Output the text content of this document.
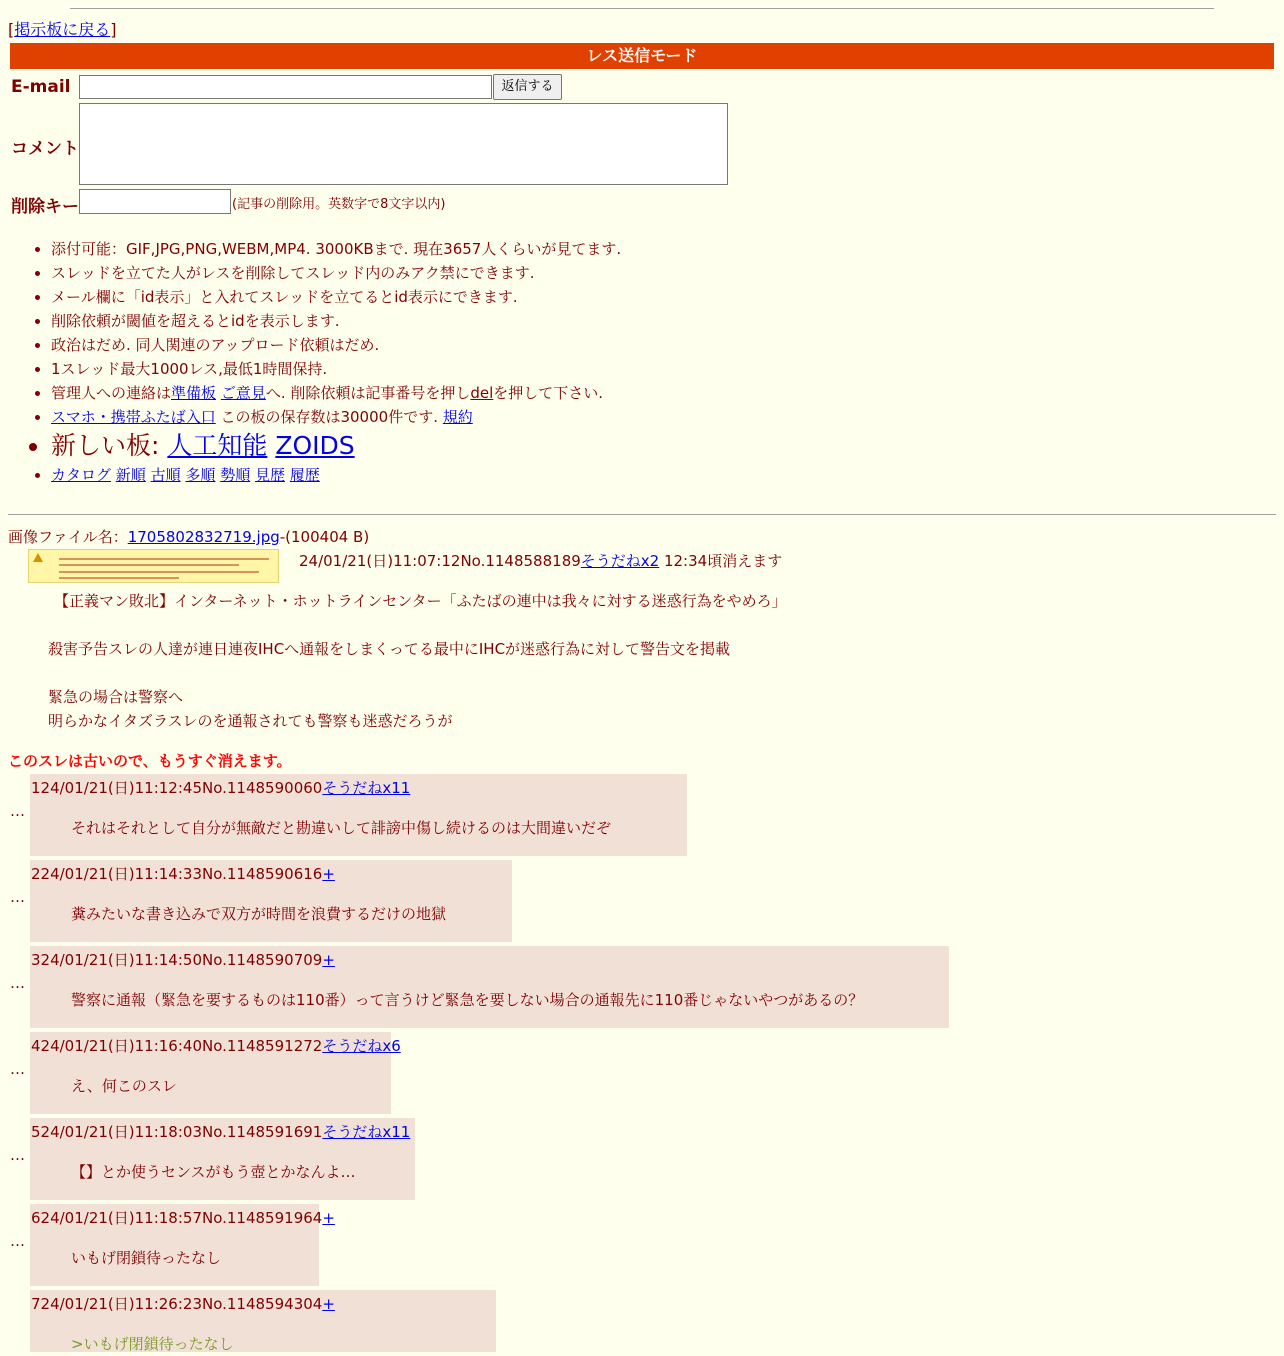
[掲示板に戻る]
レス送信モード
E-mail	返信する
コメント
削除キー	(記事の削除用。英数字で8文字以内)
• 添付可能：GIF,JPG,PNG,WEBM,MP4. 3000KBまで. 現在3657人くらいが見てます.
• スレッドを立てた人がレスを削除してスレッド内のみアク禁にできます.
• メール欄に「id表示」と入れてスレッドを立てるとid表示にできます.
• 削除依頼が閾値を超えるとidを表示します.
• 政治はだめ. 同人関連のアップロード依頼はだめ.
• 1スレッド最大1000レス,最低1時間保持.
• 管理人への連絡は準備板 ご意見へ. 削除依頼は記事番号を押しdelを押して下さい.
• スマホ・携帯ふたば入口 この板の保存数は30000件です. 規約
• 新しい板: 人工知能 ZOIDS
• カタログ 新順 古順 多順 勢順 見歴 履歴
画像ファイル名：1705802832719.jpg-(100404 B)
24/01/21(日)11:07:12No.1148588189そうだねx2 12:34頃消えます
【正義マン敗北】インターネット・ホットラインセンター「ふたばの連中は我々に対する迷惑行為をやめろ」
殺害予告スレの人達が連日連夜IHCへ通報をしまくってる最中にIHCが迷惑行為に対して警告文を掲載
緊急の場合は警察へ
明らかなイタズラスレのを通報されても警察も迷惑だろうが
このスレは古いので、もうすぐ消えます。
…
124/01/21(日)11:12:45No.1148590060そうだねx11
それはそれとして自分が無敵だと勘違いして誹謗中傷し続けるのは大間違いだぞ
…
224/01/21(日)11:14:33No.1148590616+
糞みたいな書き込みで双方が時間を浪費するだけの地獄
…
324/01/21(日)11:14:50No.1148590709+
警察に通報（緊急を要するものは110番）って言うけど緊急を要しない場合の通報先に110番じゃないやつがあるの？
…
424/01/21(日)11:16:40No.1148591272そうだねx6
え、何このスレ
…
524/01/21(日)11:18:03No.1148591691そうだねx11
【】とか使うセンスがもう壺とかなんよ…
…
624/01/21(日)11:18:57No.1148591964+
いもげ閉鎖待ったなし
724/01/21(日)11:26:23No.1148594304+
>いもげ閉鎖待ったなし
